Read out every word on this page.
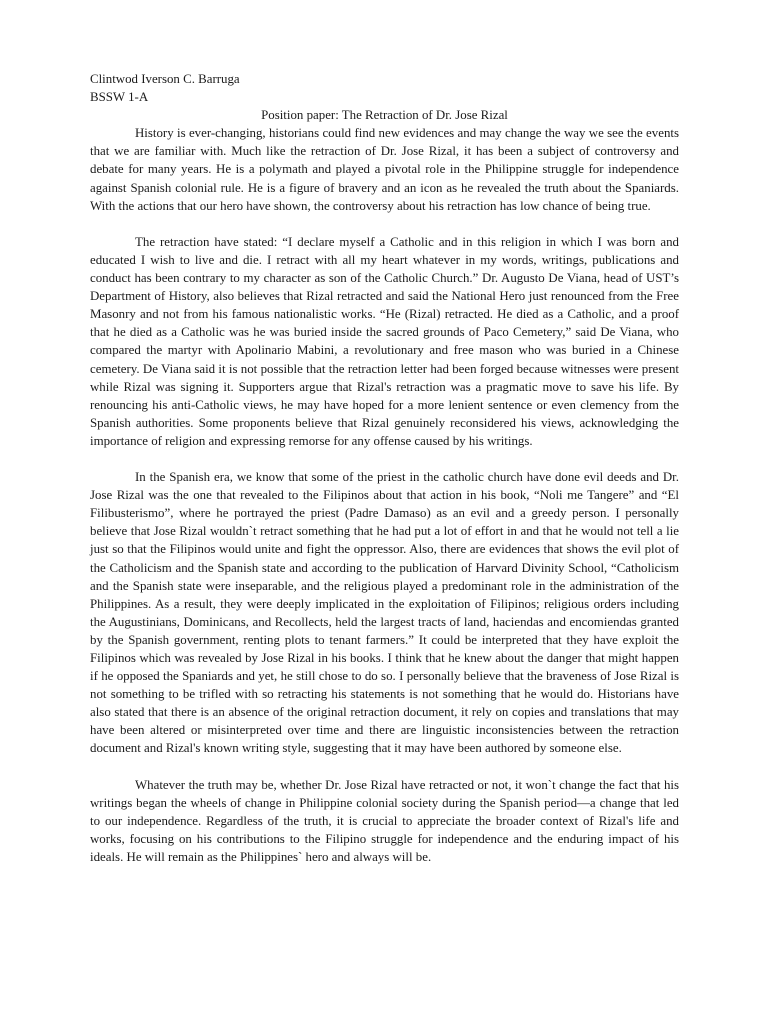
Clintwod Iverson C. Barruga

BSSW 1-A

Position paper: The Retraction of Dr. Jose Rizal

History is ever-changing, historians could find new evidences and may change the way we see the events that we are familiar with. Much like the retraction of Dr. Jose Rizal, it has been a subject of controversy and debate for many years. He is a polymath and played a pivotal role in the Philippine struggle for independence against Spanish colonial rule. He is a figure of bravery and an icon as he revealed the truth about the Spaniards. With the actions that our hero have shown, the controversy about his retraction has low chance of being true.

The retraction have stated: “I declare myself a Catholic and in this religion in which I was born and educated I wish to live and die. I retract with all my heart whatever in my words, writings, publications and conduct has been contrary to my character as son of the Catholic Church.” Dr. Augusto De Viana, head of UST’s Department of History, also believes that Rizal retracted and said the National Hero just renounced from the Free Masonry and not from his famous nationalistic works. “He (Rizal) retracted. He died as a Catholic, and a proof that he died as a Catholic was he was buried inside the sacred grounds of Paco Cemetery,” said De Viana, who compared the martyr with Apolinario Mabini, a revolutionary and free mason who was buried in a Chinese cemetery. De Viana said it is not possible that the retraction letter had been forged because witnesses were present while Rizal was signing it. Supporters argue that Rizal's retraction was a pragmatic move to save his life. By renouncing his anti-Catholic views, he may have hoped for a more lenient sentence or even clemency from the Spanish authorities. Some proponents believe that Rizal genuinely reconsidered his views, acknowledging the importance of religion and expressing remorse for any offense caused by his writings.

In the Spanish era, we know that some of the priest in the catholic church have done evil deeds and Dr. Jose Rizal was the one that revealed to the Filipinos about that action in his book, “Noli me Tangere” and “El Filibusterismo”, where he portrayed the priest (Padre Damaso) as an evil and a greedy person. I personally believe that Jose Rizal wouldn`t retract something that he had put a lot of effort in and that he would not tell a lie just so that the Filipinos would unite and fight the oppressor. Also, there are evidences that shows the evil plot of the Catholicism and the Spanish state and according to the publication of Harvard Divinity School, “Catholicism and the Spanish state were inseparable, and the religious played a predominant role in the administration of the Philippines. As a result, they were deeply implicated in the exploitation of Filipinos; religious orders including the Augustinians, Dominicans, and Recollects, held the largest tracts of land, haciendas and encomiendas granted by the Spanish government, renting plots to tenant farmers.” It could be interpreted that they have exploit the Filipinos which was revealed by Jose Rizal in his books. I think that he knew about the danger that might happen if he opposed the Spaniards and yet, he still chose to do so. I personally believe that the braveness of Jose Rizal is not something to be trifled with so retracting his statements is not something that he would do. Historians have also stated that there is an absence of the original retraction document, it rely on copies and translations that may have been altered or misinterpreted over time and there are linguistic inconsistencies between the retraction document and Rizal's known writing style, suggesting that it may have been authored by someone else.

Whatever the truth may be, whether Dr. Jose Rizal have retracted or not, it won`t change the fact that his writings began the wheels of change in Philippine colonial society during the Spanish period—a change that led to our independence. Regardless of the truth, it is crucial to appreciate the broader context of Rizal's life and works, focusing on his contributions to the Filipino struggle for independence and the enduring impact of his ideals. He will remain as the Philippines` hero and always will be.
